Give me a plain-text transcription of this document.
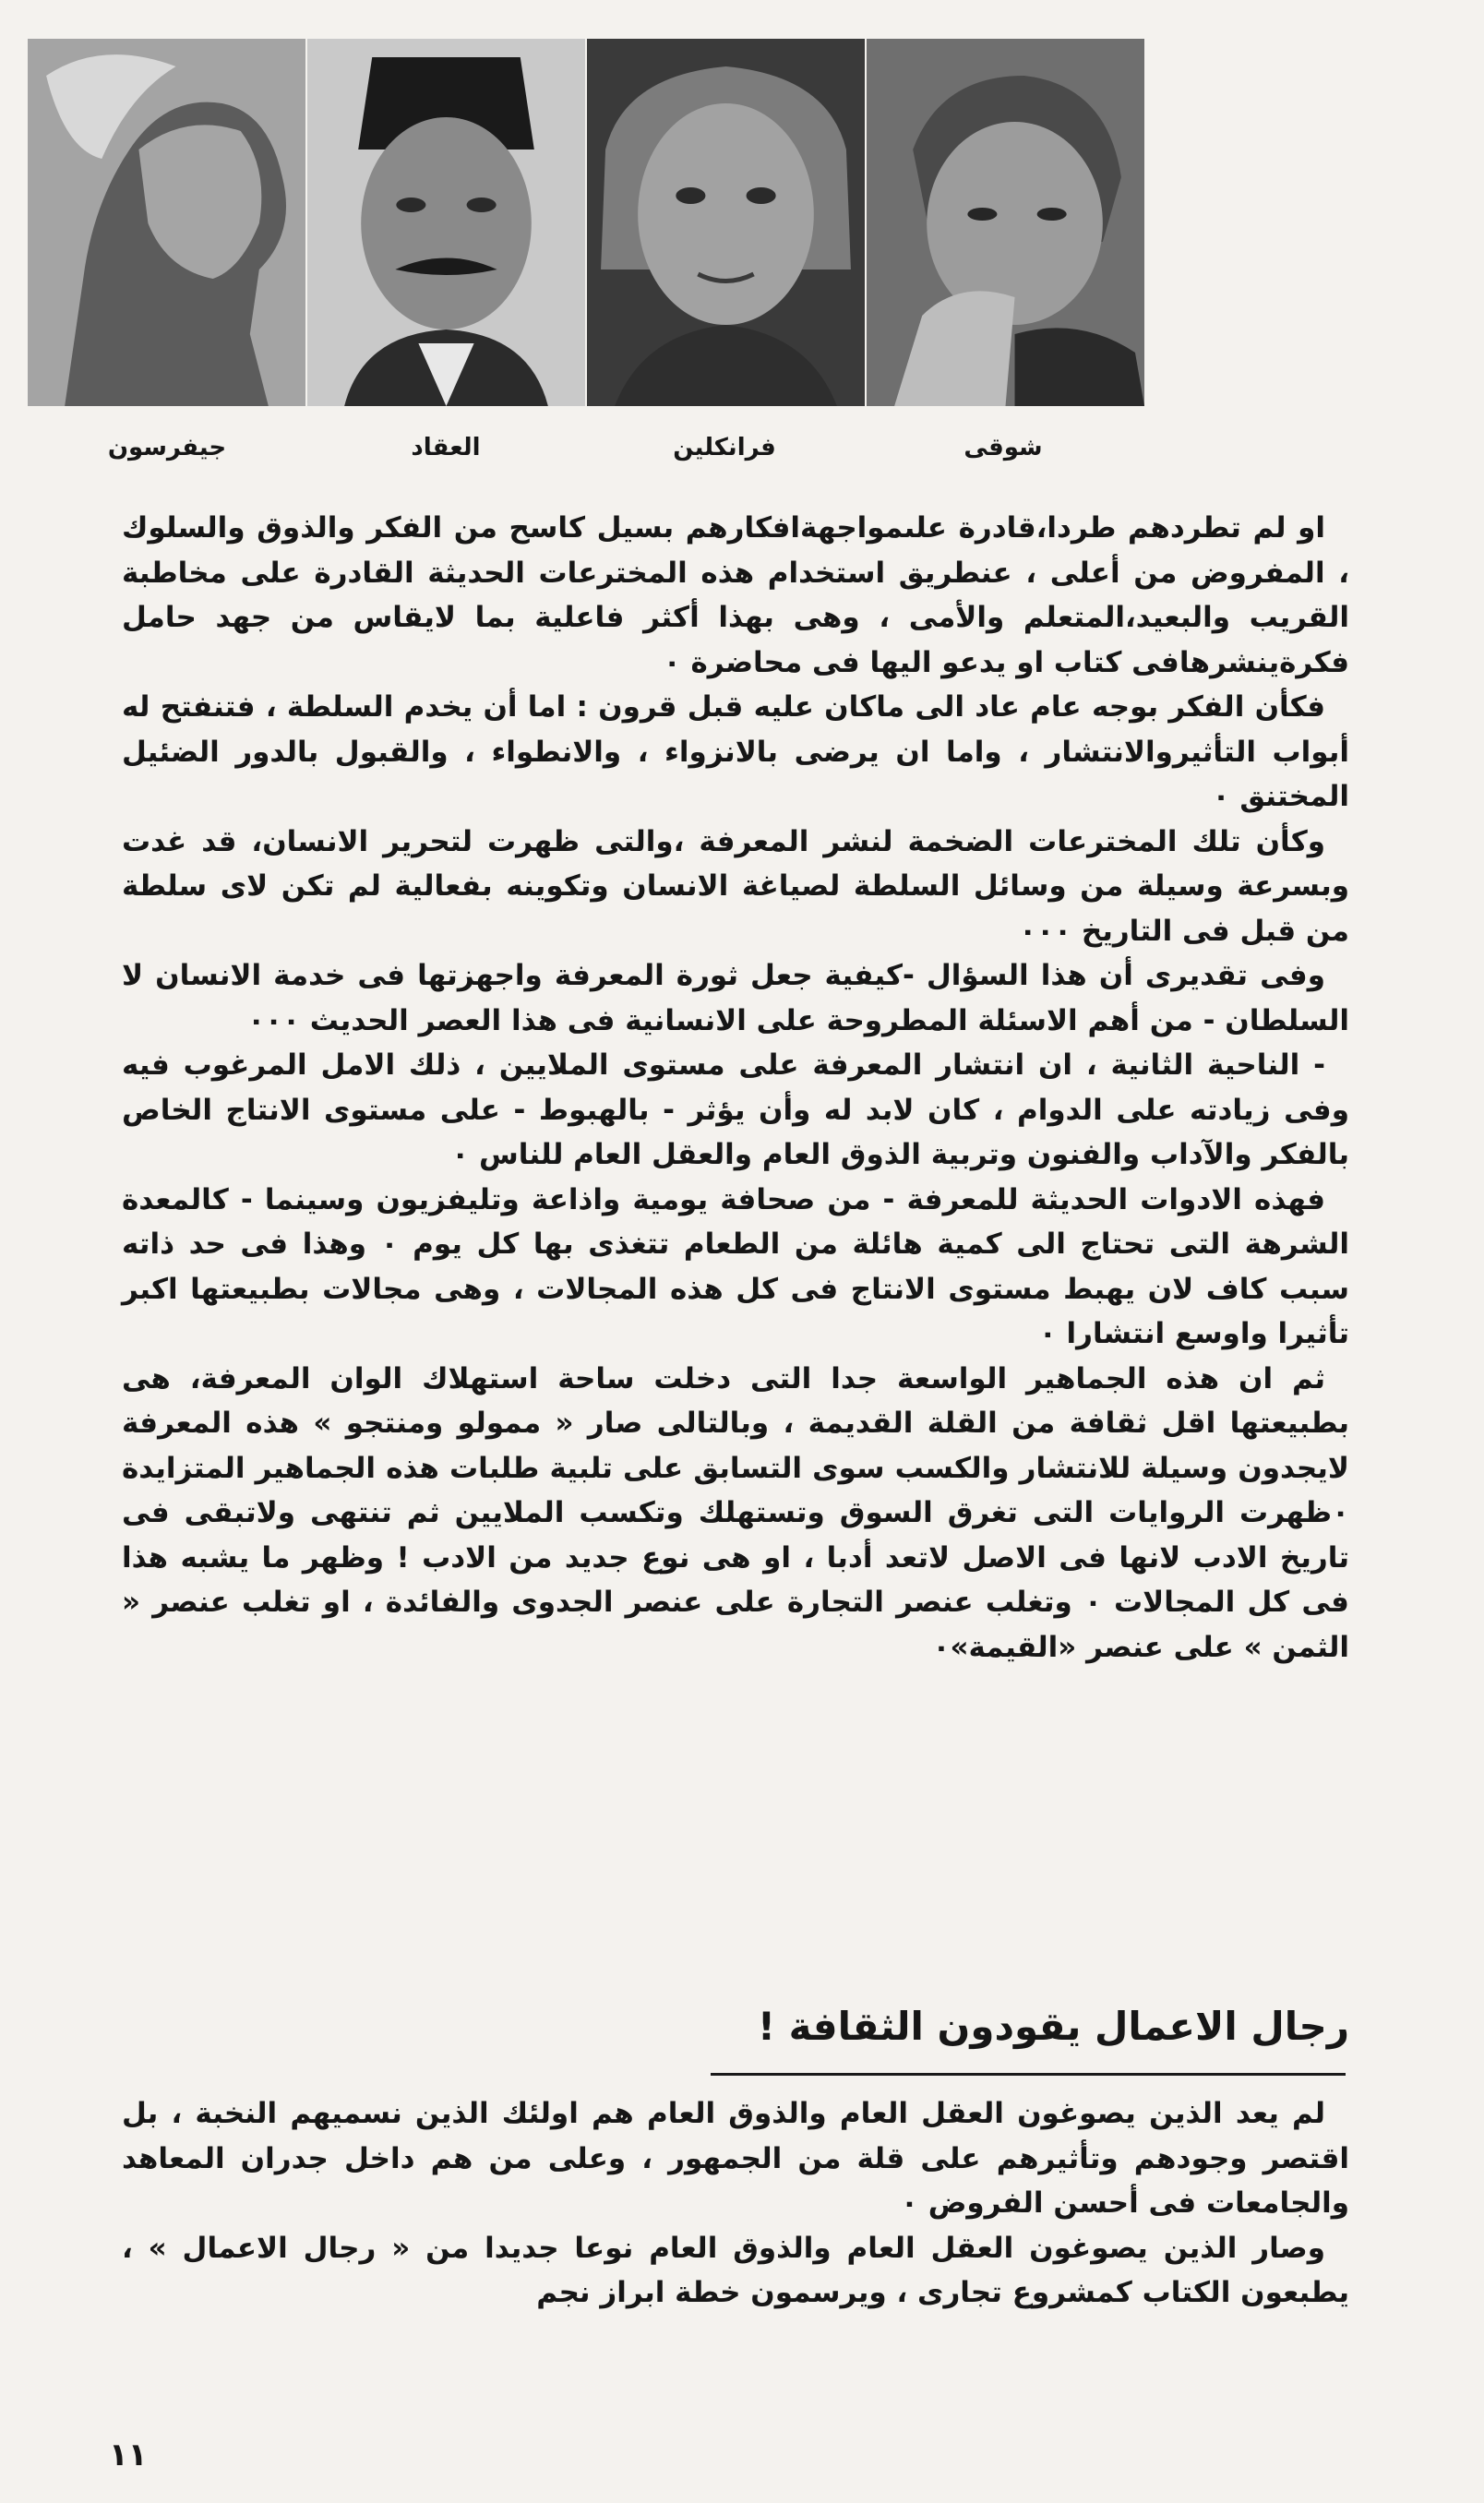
جيفرسون	العقاد	فرانكلين	شوقى

او لم تطردهم طردا،قادرة علىمواجهةافكارهم بسيل كاسح من الفكر والذوق والسلوك ، المفروض من أعلى ، عنطريق استخدام هذه المخترعات الحديثة القادرة على مخاطبة القريب والبعيد،المتعلم والأمى ، وهى بهذا أكثر فاعلية بما لايقاس من جهد حامل فكرةينشرهافى كتاب او يدعو اليها فى محاضرة ٠

فكأن الفكر بوجه عام عاد الى ماكان عليه قبل قرون : اما أن يخدم السلطة ، فتنفتح له أبواب التأثيروالانتشار ، واما ان يرضى بالانزواء ، والانطواء ، والقبول بالدور الضئيل المختنق ٠

وكأن تلك المخترعات الضخمة لنشر المعرفة ،والتى ظهرت لتحرير الانسان، قد غدت وبسرعة وسيلة من وسائل السلطة لصياغة الانسان وتكوينه بفعالية لم تكن لاى سلطة من قبل فى التاريخ ٠٠٠

وفى تقديرى أن هذا السؤال -كيفية جعل ثورة المعرفة واجهزتها فى خدمة الانسان لا السلطان - من أهم الاسئلة المطروحة على الانسانية فى هذا العصر الحديث ٠٠٠

- الناحية الثانية ، ان انتشار المعرفة على مستوى الملايين ، ذلك الامل المرغوب فيه وفى زيادته على الدوام ، كان لابد له وأن يؤثر - بالهبوط - على مستوى الانتاج الخاص بالفكر والآداب والفنون وتربية الذوق العام والعقل العام للناس ٠

فهذه الادوات الحديثة للمعرفة - من صحافة يومية واذاعة وتليفزيون وسينما - كالمعدة الشرهة التى تحتاج الى كمية هائلة من الطعام تتغذى بها كل يوم ٠ وهذا فى حد ذاته سبب كاف لان يهبط مستوى الانتاج فى كل هذه المجالات ، وهى مجالات بطبيعتها اكبر تأثيرا واوسع انتشارا ٠

ثم ان هذه الجماهير الواسعة جدا التى دخلت ساحة استهلاك الوان المعرفة، هى بطبيعتها اقل ثقافة من القلة القديمة ، وبالتالى صار « ممولو ومنتجو » هذه المعرفة لايجدون وسيلة للانتشار والكسب سوى التسابق على تلبية طلبات هذه الجماهير المتزايدة ٠ظهرت الروايات التى تغرق السوق وتستهلك وتكسب الملايين ثم تنتهى ولاتبقى فى تاريخ الادب لانها فى الاصل لاتعد أدبا ، او هى نوع جديد من الادب ! وظهر ما يشبه هذا فى كل المجالات ٠ وتغلب عنصر التجارة على عنصر الجدوى والفائدة ، او تغلب عنصر « الثمن » على عنصر «القيمة»٠

رجال الاعمال يقودون الثقافة !

لم يعد الذين يصوغون العقل العام والذوق العام هم اولئك الذين نسميهم النخبة ، بل اقتصر وجودهم وتأثيرهم على قلة من الجمهور ، وعلى من هم داخل جدران المعاهد والجامعات فى أحسن الفروض ٠

وصار الذين يصوغون العقل العام والذوق العام نوعا جديدا من « رجال الاعمال » ، يطبعون الكتاب كمشروع تجارى ، ويرسمون خطة ابراز نجم

١١
